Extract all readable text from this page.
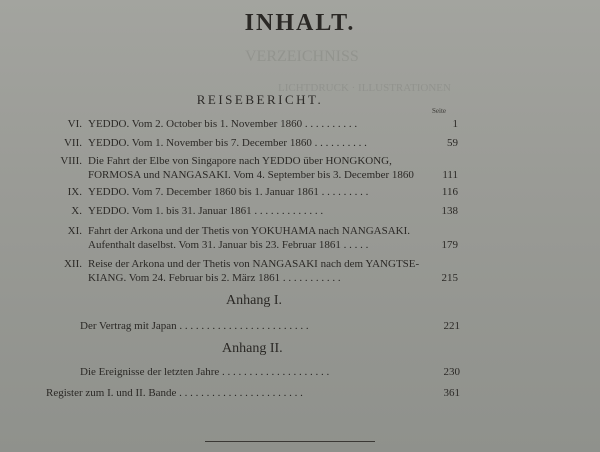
VERZEICHNISS
LICHTDRUCK · ILLUSTRATIONEN
INHALT.
REISEBERICHT.
Seite
VI. YEDDO. Vom 2. October bis 1. November 1860 . . . . . . . . . .	1
VII. YEDDO. Vom 1. November bis 7. December 1860 . . . . . . . . . .	59
VIII. Die Fahrt der Elbe von Singapore nach YEDDO über HONGKONG,
FORMOSA und NANGASAKI. Vom 4. September bis 3. December 1860	111
IX. YEDDO. Vom 7. December 1860 bis 1. Januar 1861 . . . . . . . . .	116
X. YEDDO. Vom 1. bis 31. Januar 1861 . . . . . . . . . . . . .	138
XI. Fahrt der Arkona und der Thetis von YOKUHAMA nach NANGASAKI.
Aufenthalt daselbst. Vom 31. Januar bis 23. Februar 1861 . . . . .	179
XII. Reise der Arkona und der Thetis von NANGASAKI nach dem YANGTSE-
KIANG. Vom 24. Februar bis 2. März 1861 . . . . . . . . . . .	215
Anhang I.
Der Vertrag mit Japan . . . . . . . . . . . . . . . . . . . . . . . .	221
Anhang II.
Die Ereignisse der letzten Jahre . . . . . . . . . . . . . . . . . . . .	230
Register zum I. und II. Bande . . . . . . . . . . . . . . . . . . . . . . .	361
